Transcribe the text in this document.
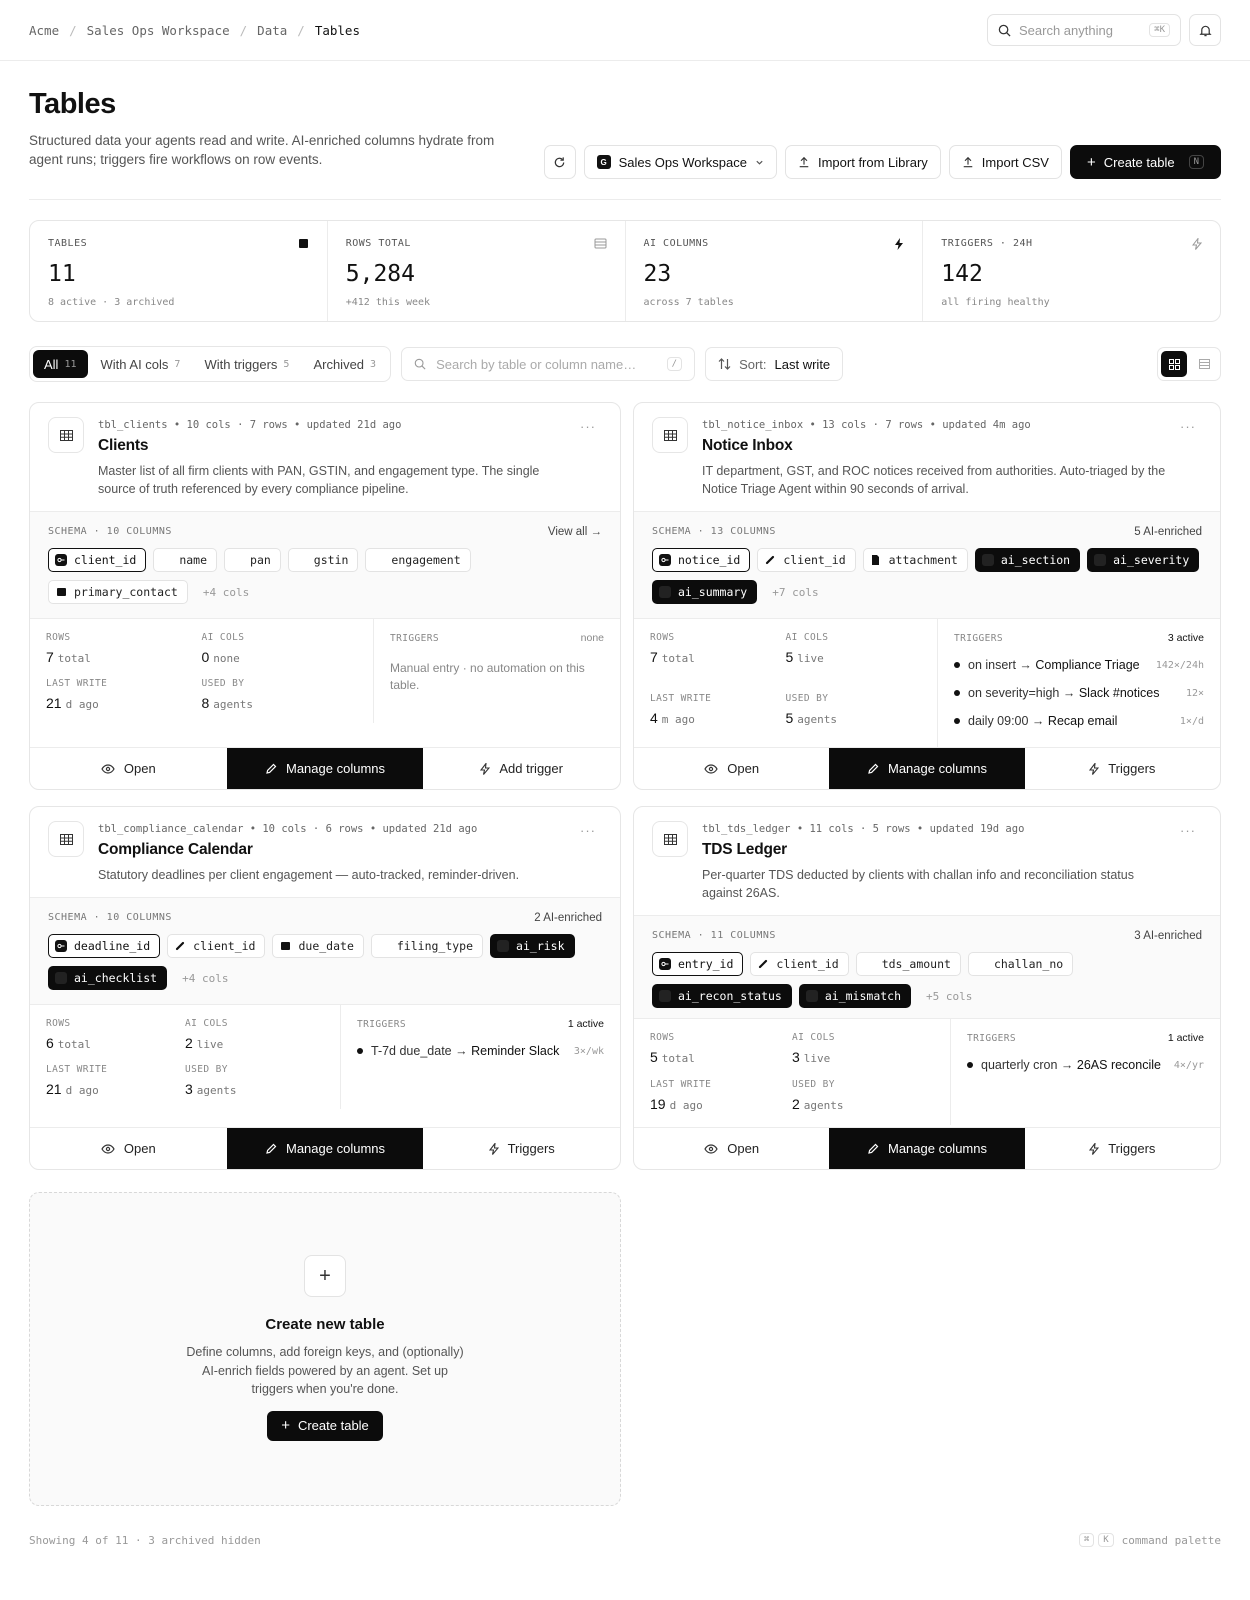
Acme / Sales Ops Workspace / Data / Tables	Search anything	⌘K
Tables

Structured data your agents read and write. AI-enriched columns hydrate from agent runs; triggers fire workflows on row events.	G Sales Ops Workspace	Import from Library	Import CSV	+ Create table	N
TABLES
11
8 active · 3 archived
ROWS TOTAL
5,284
+412 this week
AI COLUMNS
23
across 7 tables
TRIGGERS · 24H
142
all firing healthy
All 11 With AI cols 7 With triggers 5 Archived 3	Search by table or column name…	/	Sort: Last write
tbl_clients • 10 cols · 7 rows • updated 21d ago
Clients
Master list of all firm clients with PAN, GSTIN, and engagement type. The single source of truth referenced by every compliance pipeline.
···
SCHEMA · 10 COLUMNS	View all →
client_id	name	pan	gstin	engagement
primary_contact	+4 cols
ROWS
7 total
AI COLS
0 none
LAST WRITE
21 d ago
USED BY
8 agents
TRIGGERS	none
Manual entry · no automation on this table.
Open	Manage columns	Add trigger
tbl_notice_inbox • 13 cols · 7 rows • updated 4m ago
Notice Inbox
IT department, GST, and ROC notices received from authorities. Auto-triaged by the Notice Triage Agent within 90 seconds of arrival.
···
SCHEMA · 13 COLUMNS	5 AI-enriched
notice_id	client_id	attachment	ai_section	ai_severity
ai_summary	+7 cols
ROWS
7 total
AI COLS
5 live
LAST WRITE
4 m ago
USED BY
5 agents
TRIGGERS	3 active
on insert → Compliance Triage 142×/24h
on severity=high → Slack #notices	12×
daily 09:00 → Recap email	1×/d
Open	Manage columns	Triggers
tbl_compliance_calendar • 10 cols · 6 rows • updated 21d ago
Compliance Calendar
Statutory deadlines per client engagement — auto-tracked, reminder-driven.
···
SCHEMA · 10 COLUMNS	2 AI-enriched
deadline_id	client_id	due_date	filing_type	ai_risk
ai_checklist	+4 cols
ROWS
6 total
AI COLS
2 live
LAST WRITE
21 d ago
USED BY
3 agents
TRIGGERS	1 active
T-7d due_date → Reminder Slack 3×/wk
Open	Manage columns	Triggers
tbl_tds_ledger • 11 cols · 5 rows • updated 19d ago
TDS Ledger
Per-quarter TDS deducted by clients with challan info and reconciliation status against 26AS.
···
SCHEMA · 11 COLUMNS	3 AI-enriched
entry_id	client_id	tds_amount	challan_no
ai_recon_status	ai_mismatch	+5 cols
ROWS
5 total
AI COLS
3 live
LAST WRITE
19 d ago
USED BY
2 agents
TRIGGERS	1 active
quarterly cron → 26AS reconcile 4×/yr
Open	Manage columns	Triggers
+
Create new table
Define columns, add foreign keys, and (optionally) AI-enrich fields powered by an agent. Set up triggers when you're done.
+ Create table
Showing 4 of 11 · 3 archived hidden	⌘	K	command palette
